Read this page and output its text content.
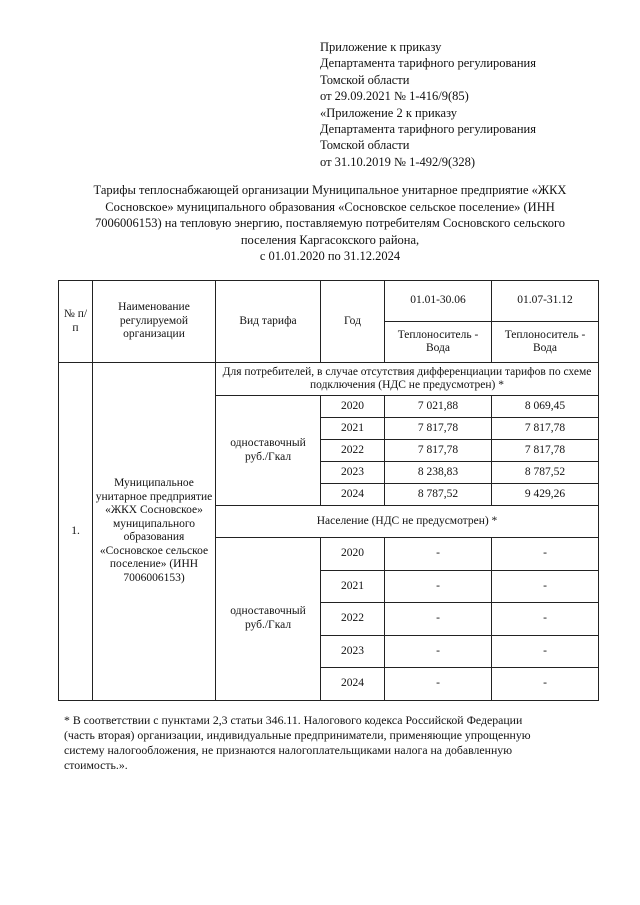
Приложение к приказу
Департамента тарифного регулирования
Томской области
от 29.09.2021 № 1-416/9(85)
«Приложение 2 к приказу
Департамента тарифного регулирования
Томской области
от 31.10.2019 № 1-492/9(328)
Тарифы теплоснабжающей организации Муниципальное унитарное предприятие «ЖКХ
Сосновское» муниципального образования «Сосновское сельское поселение» (ИНН
7006006153) на тепловую энергию, поставляемую потребителям Сосновского сельского
поселения Каргасокского района,
с 01.01.2020 по 31.12.2024
№ п/п	Наименование регулируемой организации	Вид тарифа	Год	01.01-30.06	01.07-31.12
				Теплоноситель - Вода	Теплоноситель - Вода
1.	Муниципальное унитарное предприятие «ЖКХ Сосновское» муниципального образования «Сосновское сельское поселение» (ИНН 7006006153)	Для потребителей, в случае отсутствия дифференциации тарифов по схеме подключения (НДС не предусмотрен) *			
		одноставочный руб./Гкал	2020	7 021,88	8 069,45
			2021	7 817,78	7 817,78
			2022	7 817,78	7 817,78
			2023	8 238,83	8 787,52
			2024	8 787,52	9 429,26
		Население (НДС не предусмотрен) *			
		одноставочный руб./Гкал	2020	-	-
			2021	-	-
			2022	-	-
			2023	-	-
			2024	-	-
* В соответствии с пунктами 2,3 статьи 346.11. Налогового кодекса Российской Федерации
(часть вторая) организации, индивидуальные предприниматели, применяющие упрощенную
систему налогообложения, не признаются налогоплательщиками налога на добавленную
стоимость.».
